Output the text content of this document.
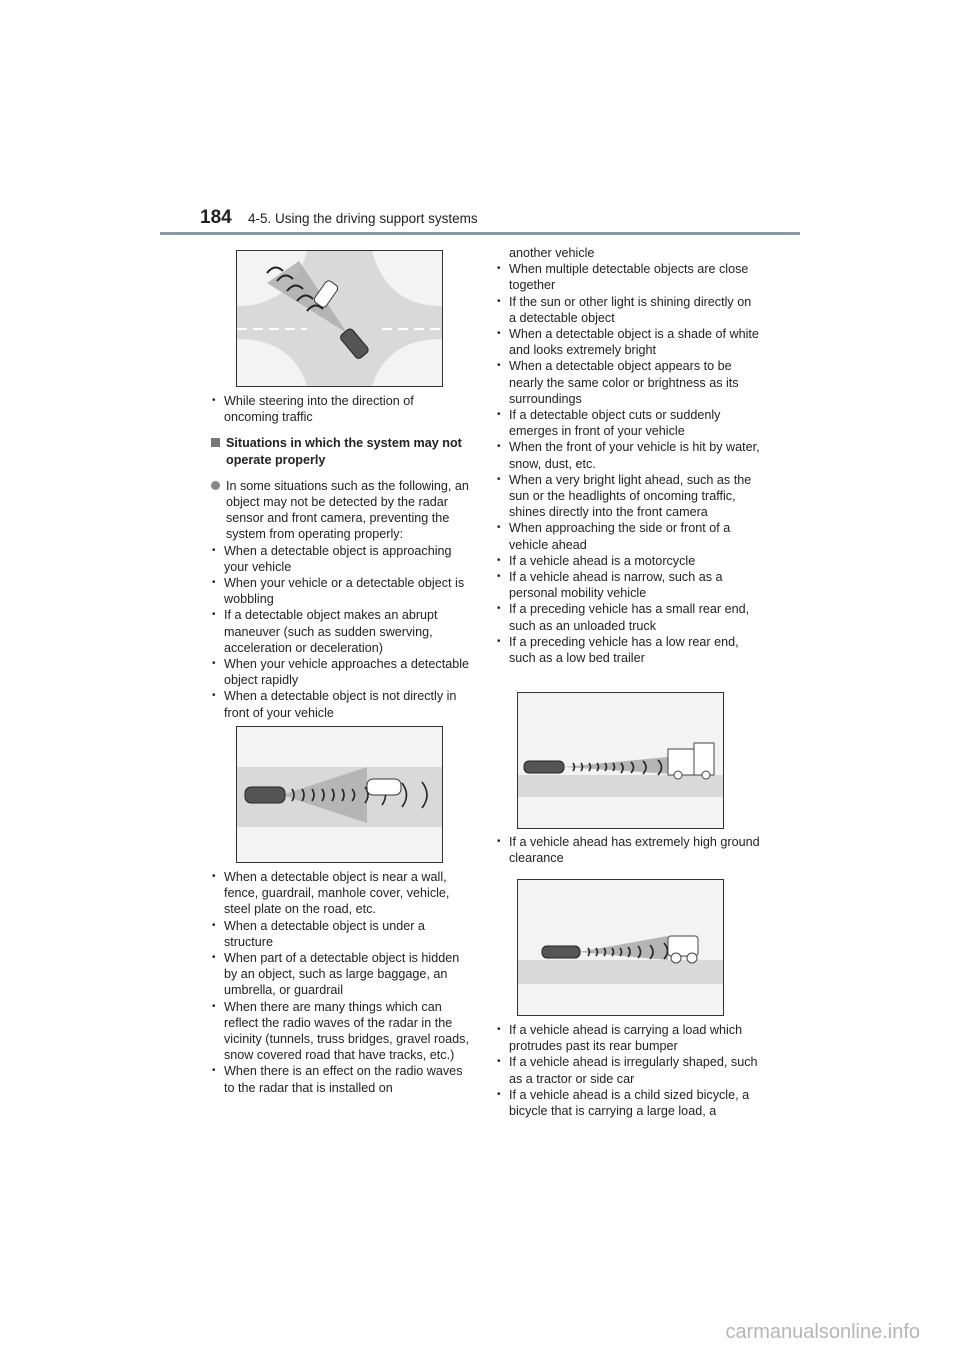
184 4-5. Using the driving support systems
• While steering into the direction of oncoming traffic
Situations in which the system may not operate properly
In some situations such as the following, an object may not be detected by the radar sensor and front camera, preventing the system from operating properly:
• When a detectable object is approaching your vehicle
• When your vehicle or a detectable object is wobbling
• If a detectable object makes an abrupt maneuver (such as sudden swerving, acceleration or deceleration)
• When your vehicle approaches a detectable object rapidly
• When a detectable object is not directly in front of your vehicle
• When a detectable object is near a wall, fence, guardrail, manhole cover, vehicle, steel plate on the road, etc.
• When a detectable object is under a structure
• When part of a detectable object is hidden by an object, such as large baggage, an umbrella, or guardrail
• When there are many things which can reflect the radio waves of the radar in the vicinity (tunnels, truss bridges, gravel roads, snow covered road that have tracks, etc.)
• When there is an effect on the radio waves to the radar that is installed on
another vehicle
• When multiple detectable objects are close together
• If the sun or other light is shining directly on a detectable object
• When a detectable object is a shade of white and looks extremely bright
• When a detectable object appears to be nearly the same color or brightness as its surroundings
• If a detectable object cuts or suddenly emerges in front of your vehicle
• When the front of your vehicle is hit by water, snow, dust, etc.
• When a very bright light ahead, such as the sun or the headlights of oncoming traffic, shines directly into the front camera
• When approaching the side or front of a vehicle ahead
• If a vehicle ahead is a motorcycle
• If a vehicle ahead is narrow, such as a personal mobility vehicle
• If a preceding vehicle has a small rear end, such as an unloaded truck
• If a preceding vehicle has a low rear end, such as a low bed trailer
• If a vehicle ahead has extremely high ground clearance
• If a vehicle ahead is carrying a load which protrudes past its rear bumper
• If a vehicle ahead is irregularly shaped, such as a tractor or side car
• If a vehicle ahead is a child sized bicycle, a bicycle that is carrying a large load, a
carmanualsonline.info
